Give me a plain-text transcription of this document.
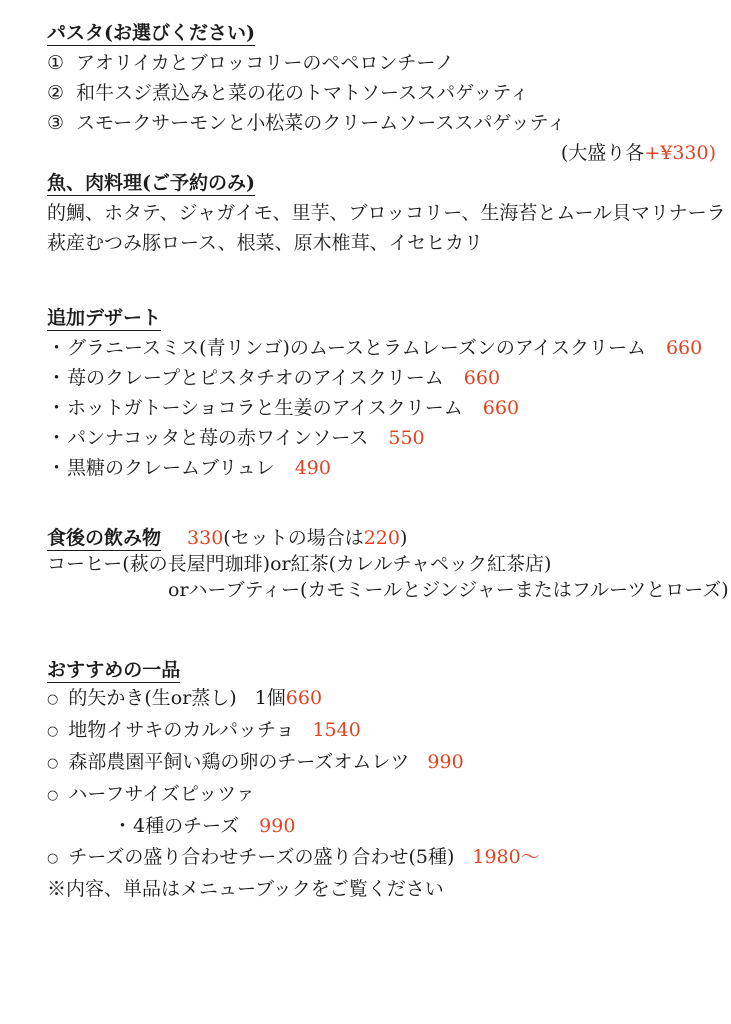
パスタ(お選びください)
① アオリイカとブロッコリーのペペロンチーノ
② 和牛スジ煮込みと菜の花のトマトソーススパゲッティ
③ スモークサーモンと小松菜のクリームソーススパゲッティ
(大盛り各+¥330)
魚、肉料理(ご予約のみ)
的鯛、ホタテ、ジャガイモ、里芋、ブロッコリー、生海苔とムール貝マリナーラ
萩産むつみ豚ロース、根菜、原木椎茸、イセヒカリ
追加デザート
・グラニースミス(青リンゴ)のムースとラムレーズンのアイスクリーム 660
・苺のクレープとピスタチオのアイスクリーム 660
・ホットガトーショコラと生姜のアイスクリーム 660
・パンナコッタと苺の赤ワインソース 550
・黒糖のクレームブリュレ 490
食後の飲み物 330(セットの場合は220)
コーヒー(萩の長屋門珈琲)or紅茶(カレルチャペック紅茶店)
orハーブティー(カモミールとジンジャーまたはフルーツとローズ)
おすすめの一品
○ 的矢かき(生or蒸し) 1個660
○ 地物イサキのカルパッチョ 1540
○ 森部農園平飼い鶏の卵のチーズオムレツ 990
○ ハーフサイズピッツァ
・4種のチーズ 990
○ チーズの盛り合わせチーズの盛り合わせ(5種) 1980～
※内容、単品はメニューブックをご覧ください
